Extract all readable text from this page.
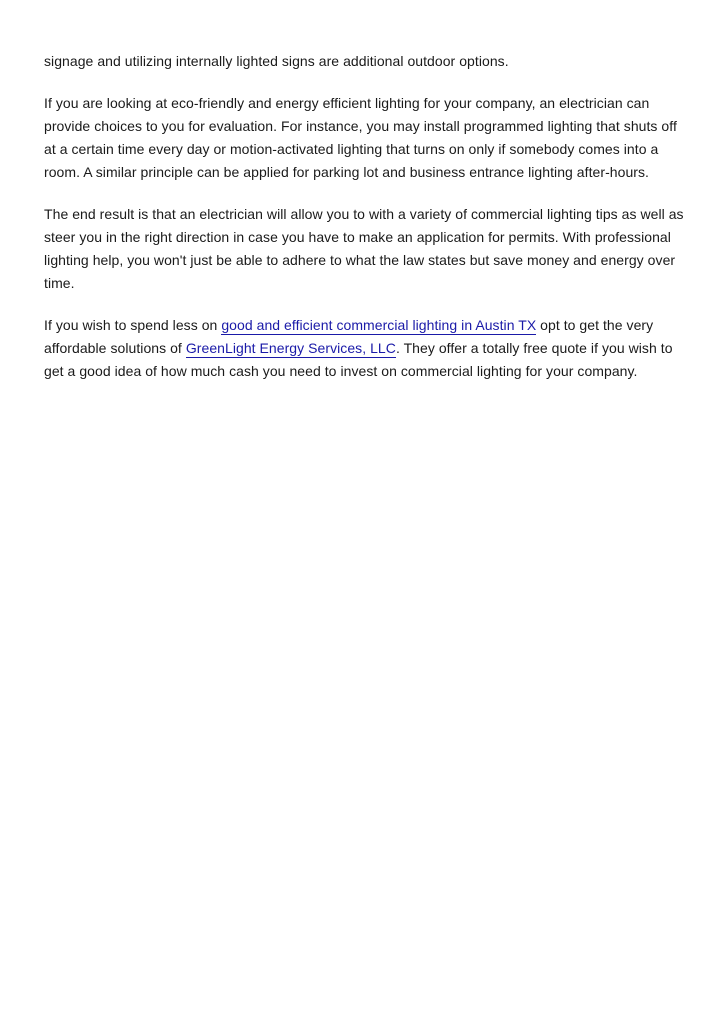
signage and utilizing internally lighted signs are additional outdoor options.

If you are looking at eco-friendly and energy efficient lighting for your company, an electrician can provide choices to you for evaluation. For instance, you may install programmed lighting that shuts off at a certain time every day or motion-activated lighting that turns on only if somebody comes into a room. A similar principle can be applied for parking lot and business entrance lighting after-hours.

The end result is that an electrician will allow you to with a variety of commercial lighting tips as well as steer you in the right direction in case you have to make an application for permits. With professional lighting help, you won't just be able to adhere to what the law states but save money and energy over time.

If you wish to spend less on good and efficient commercial lighting in Austin TX opt to get the very affordable solutions of GreenLight Energy Services, LLC. They offer a totally free quote if you wish to get a good idea of how much cash you need to invest on commercial lighting for your company.
